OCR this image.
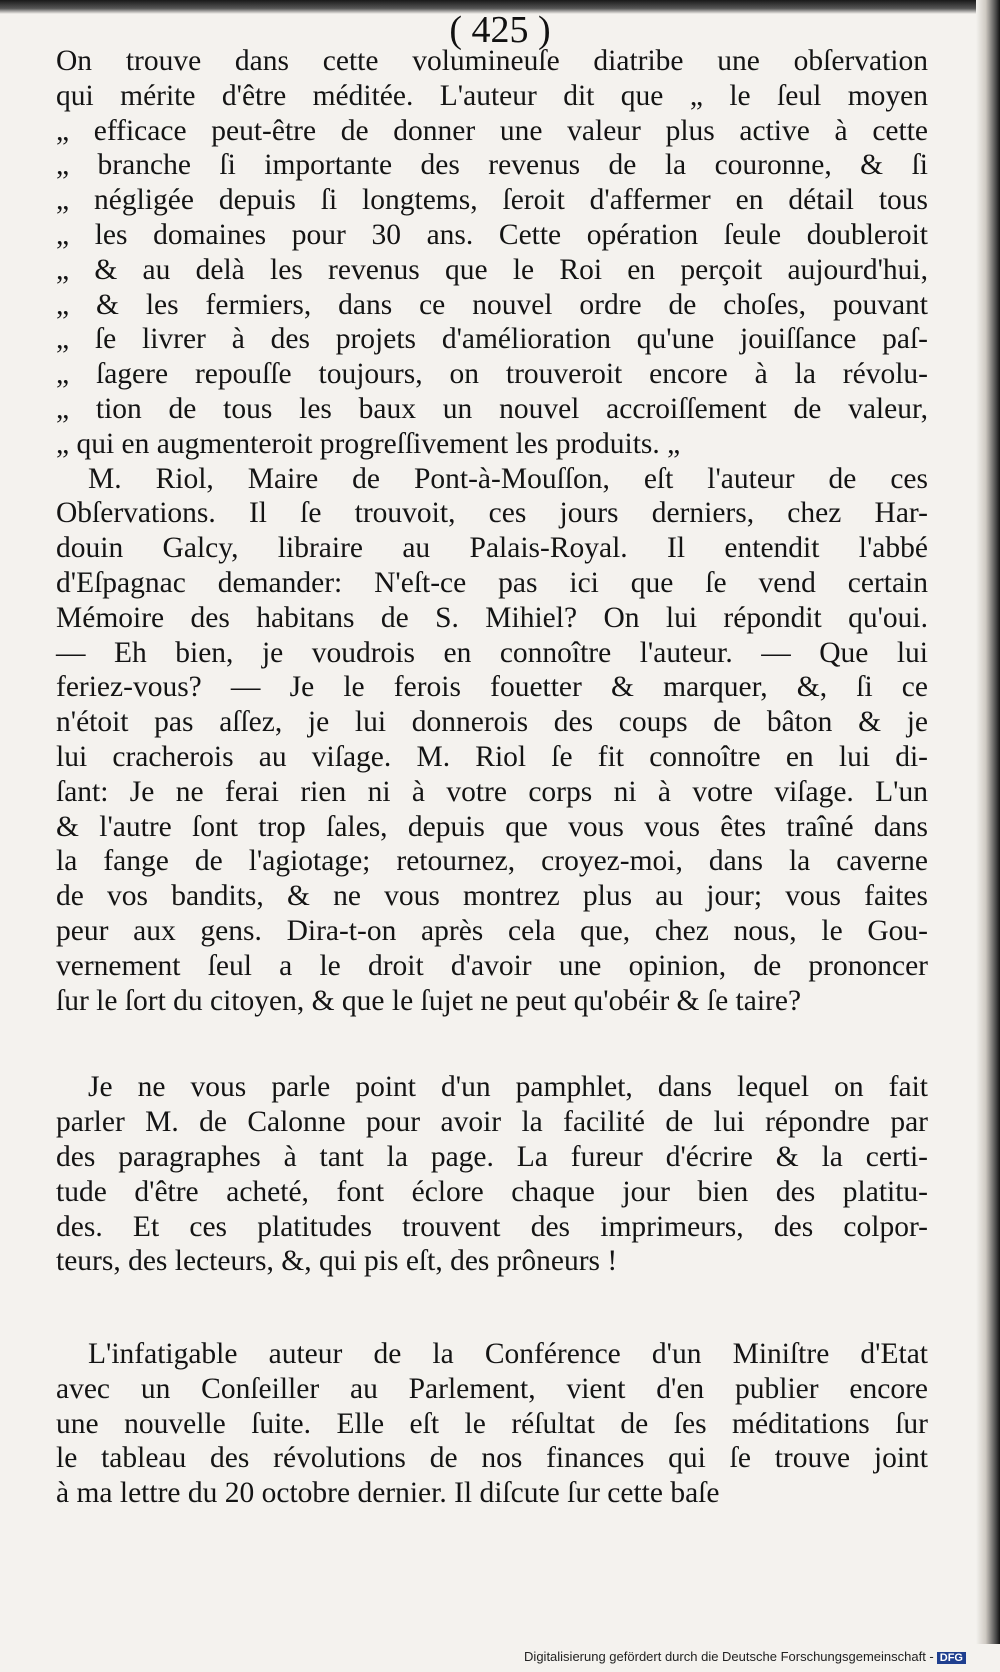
( 425 )
On trouve dans cette volumineuſe diatribe une obſervation
qui mérite d'être méditée. L'auteur dit que „ le ſeul moyen
„ efficace peut-être de donner une valeur plus active à cette
„ branche ſi importante des revenus de la couronne, & ſi
„ négligée depuis ſi longtems, ſeroit d'affermer en détail tous
„ les domaines pour 30 ans. Cette opération ſeule doubleroit
„ & au delà les revenus que le Roi en perçoit aujourd'hui,
„ & les fermiers, dans ce nouvel ordre de choſes, pouvant
„ ſe livrer à des projets d'amélioration qu'une jouiſſance paſ-
„ ſagere repouſſe toujours, on trouveroit encore à la révolu-
„ tion de tous les baux un nouvel accroiſſement de valeur,
„ qui en augmenteroit progreſſivement les produits. „
M. Riol, Maire de Pont-à-Mouſſon, eſt l'auteur de ces
Obſervations. Il ſe trouvoit, ces jours derniers, chez Har-
douin Galcy, libraire au Palais-Royal. Il entendit l'abbé
d'Eſpagnac demander: N'eſt-ce pas ici que ſe vend certain
Mémoire des habitans de S. Mihiel? On lui répondit qu'oui.
— Eh bien, je voudrois en connoître l'auteur. — Que lui
feriez-vous? — Je le ferois fouetter & marquer, &, ſi ce
n'étoit pas aſſez, je lui donnerois des coups de bâton & je
lui cracherois au viſage. M. Riol ſe fit connoître en lui di-
ſant: Je ne ferai rien ni à votre corps ni à votre viſage. L'un
& l'autre ſont trop ſales, depuis que vous vous êtes traîné dans
la fange de l'agiotage; retournez, croyez-moi, dans la caverne
de vos bandits, & ne vous montrez plus au jour; vous faites
peur aux gens. Dira-t-on après cela que, chez nous, le Gou-
vernement ſeul a le droit d'avoir une opinion, de prononcer
ſur le ſort du citoyen, & que le ſujet ne peut qu'obéir & ſe taire?
Je ne vous parle point d'un pamphlet, dans lequel on fait
parler M. de Calonne pour avoir la facilité de lui répondre par
des paragraphes à tant la page. La fureur d'écrire & la certi-
tude d'être acheté, font éclore chaque jour bien des platitu-
des. Et ces platitudes trouvent des imprimeurs, des colpor-
teurs, des lecteurs, &, qui pis eſt, des prôneurs !
L'infatigable auteur de la Conférence d'un Miniſtre d'Etat
avec un Conſeiller au Parlement, vient d'en publier encore
une nouvelle ſuite. Elle eſt le réſultat de ſes méditations ſur
le tableau des révolutions de nos finances qui ſe trouve joint
à ma lettre du 20 octobre dernier. Il diſcute ſur cette baſe
Digitalisierung gefördert durch die Deutsche Forschungsgemeinschaft - DFG
